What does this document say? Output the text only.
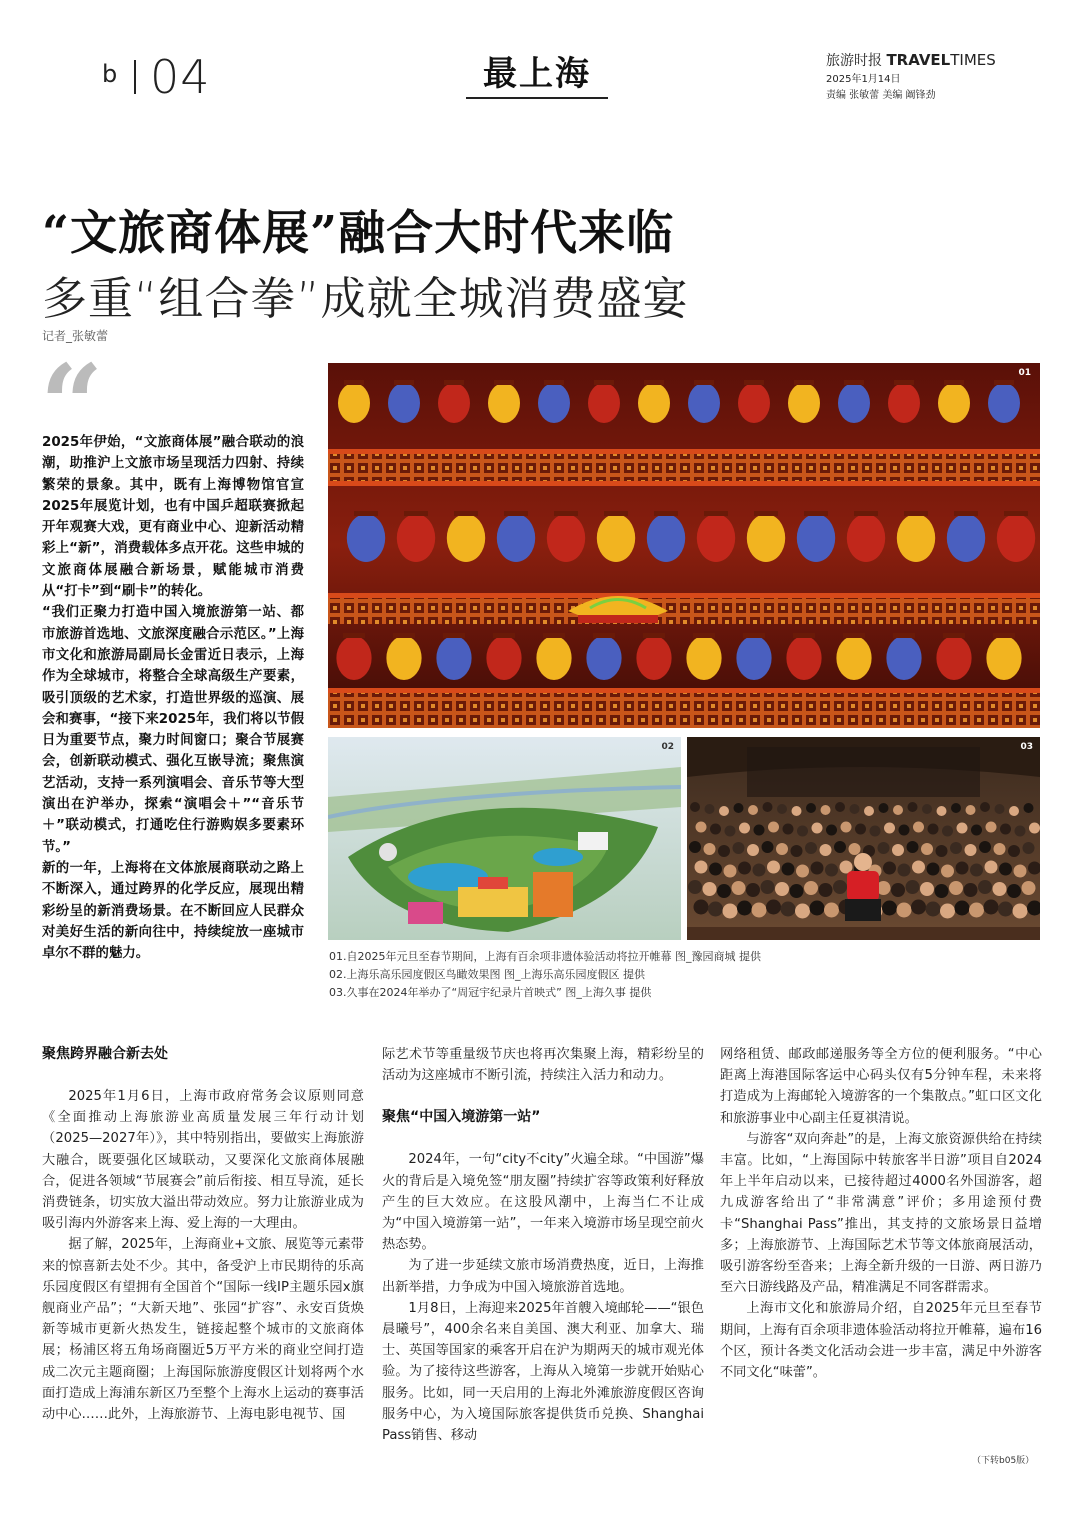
b 04	最上海	旅游时报 TRAVELTIMES
2025年1月14日
责编 张敏蕾 美编 阚锋劲
“文旅商体展”融合大时代来临
多重“组合拳”成就全城消费盛宴
记者_张敏蕾
“

2025年伊始，“文旅商体展”融合联动的浪潮，助推沪上文旅市场呈现活力四射、持续繁荣的景象。其中，既有上海博物馆官宣2025年展览计划，也有中国乒超联赛掀起开年观赛大戏，更有商业中心、迎新活动精彩上“新”，消费载体多点开花。这些申城的文旅商体展融合新场景，赋能城市消费从“打卡”到“刷卡”的转化。

“我们正聚力打造中国入境旅游第一站、都市旅游首选地、文旅深度融合示范区。”上海市文化和旅游局副局长金雷近日表示，上海作为全球城市，将整合全球高级生产要素，吸引顶级的艺术家，打造世界级的巡演、展会和赛事，“接下来2025年，我们将以节假日为重要节点，聚力时间窗口；聚合节展赛会，创新联动模式、强化互嵌导流；聚焦演艺活动，支持一系列演唱会、音乐节等大型演出在沪举办，探索“演唱会＋”“音乐节＋”联动模式，打通吃住行游购娱多要素环节。”

新的一年，上海将在文体旅展商联动之路上不断深入，通过跨界的化学反应，展现出精彩纷呈的新消费场景。在不断回应人民群众对美好生活的新向往中，持续绽放一座城市卓尔不群的魅力。

01
02	03
01.自2025年元旦至春节期间，上海有百余项非遗体验活动将拉开帷幕 图_豫园商城 提供
02.上海乐高乐园度假区鸟瞰效果图 图_上海乐高乐园度假区 提供
03.久事在2024年举办了“周冠宇纪录片首映式” 图_上海久事 提供
聚焦跨界融合新去处

2025年1月6日，上海市政府常务会议原则同意《全面推动上海旅游业高质量发展三年行动计划（2025—2027年）》，其中特别指出，要做实上海旅游大融合，既要强化区域联动，又要深化文旅商体展融合，促进各领域“节展赛会”前后衔接、相互导流，延长消费链条，切实放大溢出带动效应。努力让旅游业成为吸引海内外游客来上海、爱上海的一大理由。

据了解，2025年，上海商业+文旅、展览等元素带来的惊喜新去处不少。其中，备受沪上市民期待的乐高乐园度假区有望拥有全国首个“国际一线IP主题乐园x旗舰商业产品”；“大新天地”、张园“扩容”、永安百货焕新等城市更新火热发生，链接起整个城市的文旅商体展；杨浦区将五角场商圈近5万平方米的商业空间打造成二次元主题商圈；上海国际旅游度假区计划将两个水面打造成上海浦东新区乃至整个上海水上运动的赛事活动中心……此外，上海旅游节、上海电影电视节、国

际艺术节等重量级节庆也将再次集聚上海，精彩纷呈的活动为这座城市不断引流，持续注入活力和动力。

聚焦“中国入境游第一站”

2024年，一句“city不city”火遍全球。“中国游”爆火的背后是入境免签“朋友圈”持续扩容等政策利好释放产生的巨大效应。在这股风潮中，上海当仁不让成为“中国入境游第一站”，一年来入境游市场呈现空前火热态势。

为了进一步延续文旅市场消费热度，近日，上海推出新举措，力争成为中国入境旅游首选地。

1月8日，上海迎来2025年首艘入境邮轮——“银色晨曦号”，400余名来自美国、澳大利亚、加拿大、瑞士、英国等国家的乘客开启在沪为期两天的城市观光体验。为了接待这些游客，上海从入境第一步就开始贴心服务。比如，同一天启用的上海北外滩旅游度假区咨询服务中心，为入境国际旅客提供货币兑换、Shanghai Pass销售、移动

网络租赁、邮政邮递服务等全方位的便利服务。“中心距离上海港国际客运中心码头仅有5分钟车程，未来将打造成为上海邮轮入境游客的一个集散点。”虹口区文化和旅游事业中心副主任夏祺清说。

与游客“双向奔赴”的是，上海文旅资源供给在持续丰富。比如，“上海国际中转旅客半日游”项目自2024年上半年启动以来，已接待超过4000名外国游客，超九成游客给出了“非常满意”评价；多用途预付费卡“Shanghai Pass”推出，其支持的文旅场景日益增多；上海旅游节、上海国际艺术节等文体旅商展活动，吸引游客纷至沓来；上海全新升级的一日游、两日游乃至六日游线路及产品，精准满足不同客群需求。

上海市文化和旅游局介绍，自2025年元旦至春节期间，上海有百余项非遗体验活动将拉开帷幕，遍布16个区，预计各类文化活动会进一步丰富，满足中外游客不同文化“味蕾”。

（下转b05版）
